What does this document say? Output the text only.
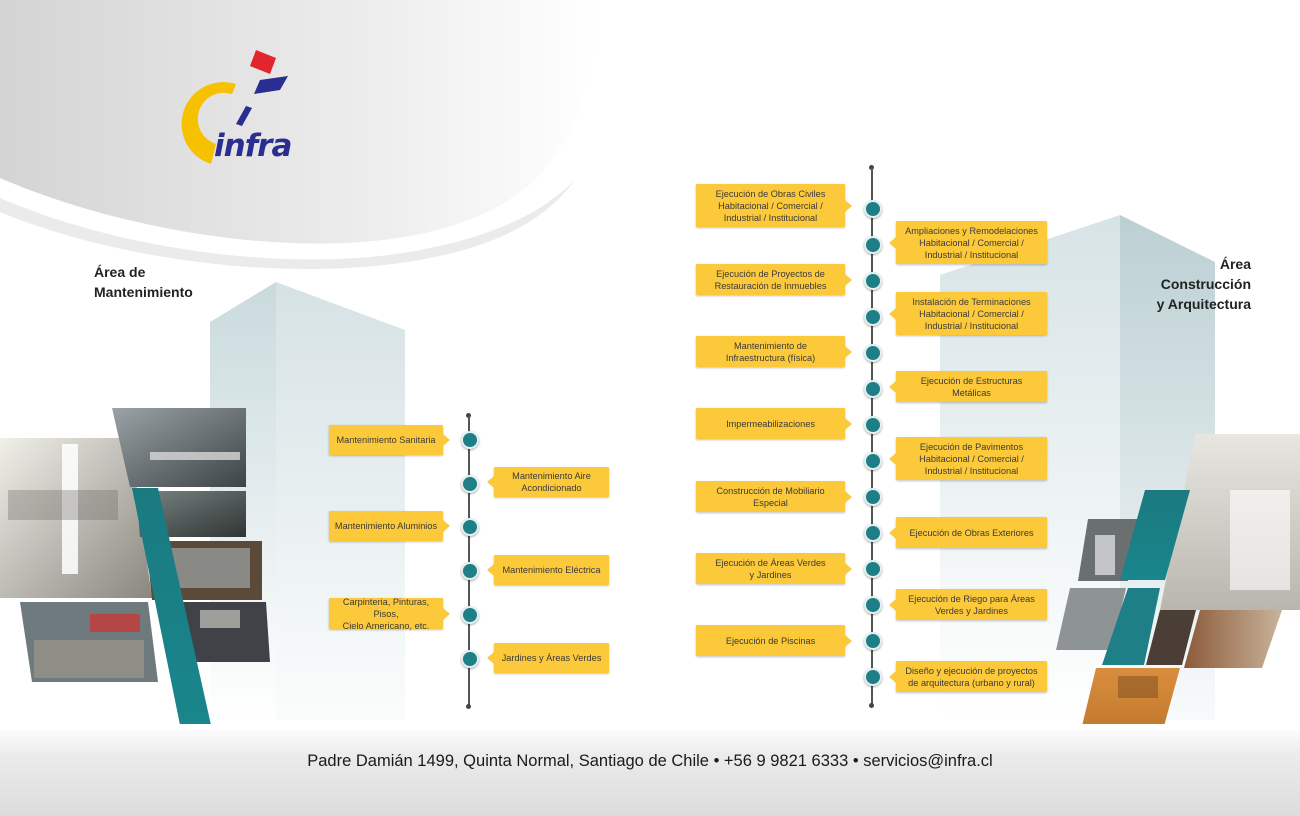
infra
Área de
Mantenimiento
Área
Construcción
y Arquitectura
Mantenimiento Sanitaria
Mantenimiento Aire
Acondicionado
Mantenimiento Aluminios
Mantenimiento Eléctrica
Carpinteria, Pinturas, Pisos,
Cielo Americano, etc.
Jardines y Áreas Verdes
Ejecución de Obras Civiles
Habitacional / Comercial /
Industrial / Institucional
Ampliaciones y Remodelaciones
Habitacional / Comercial /
Industrial / Institucional
Ejecución de Proyectos de
Restauración de Inmuebles
Instalación de Terminaciones
Habitacional / Comercial /
Industrial / Institucional
Mantenimiento de
Infraestructura (física)
Ejecución de Estructuras
Metálicas
Impermeabilizaciones
Ejecución de Pavimentos
Habitacional / Comercial /
Industrial / Institucional
Construcción de Mobiliario
Especial
Ejecución de Obras Exteriores
Ejecución de Áreas Verdes
y Jardines
Ejecución de Riego para Áreas
Verdes y Jardines
Ejecución de Piscinas
Diseño y ejecución de proyectos
de arquitectura (urbano y rural)
Padre Damián 1499, Quinta Normal, Santiago de Chile • +56 9 9821 6333 • servicios@infra.cl
